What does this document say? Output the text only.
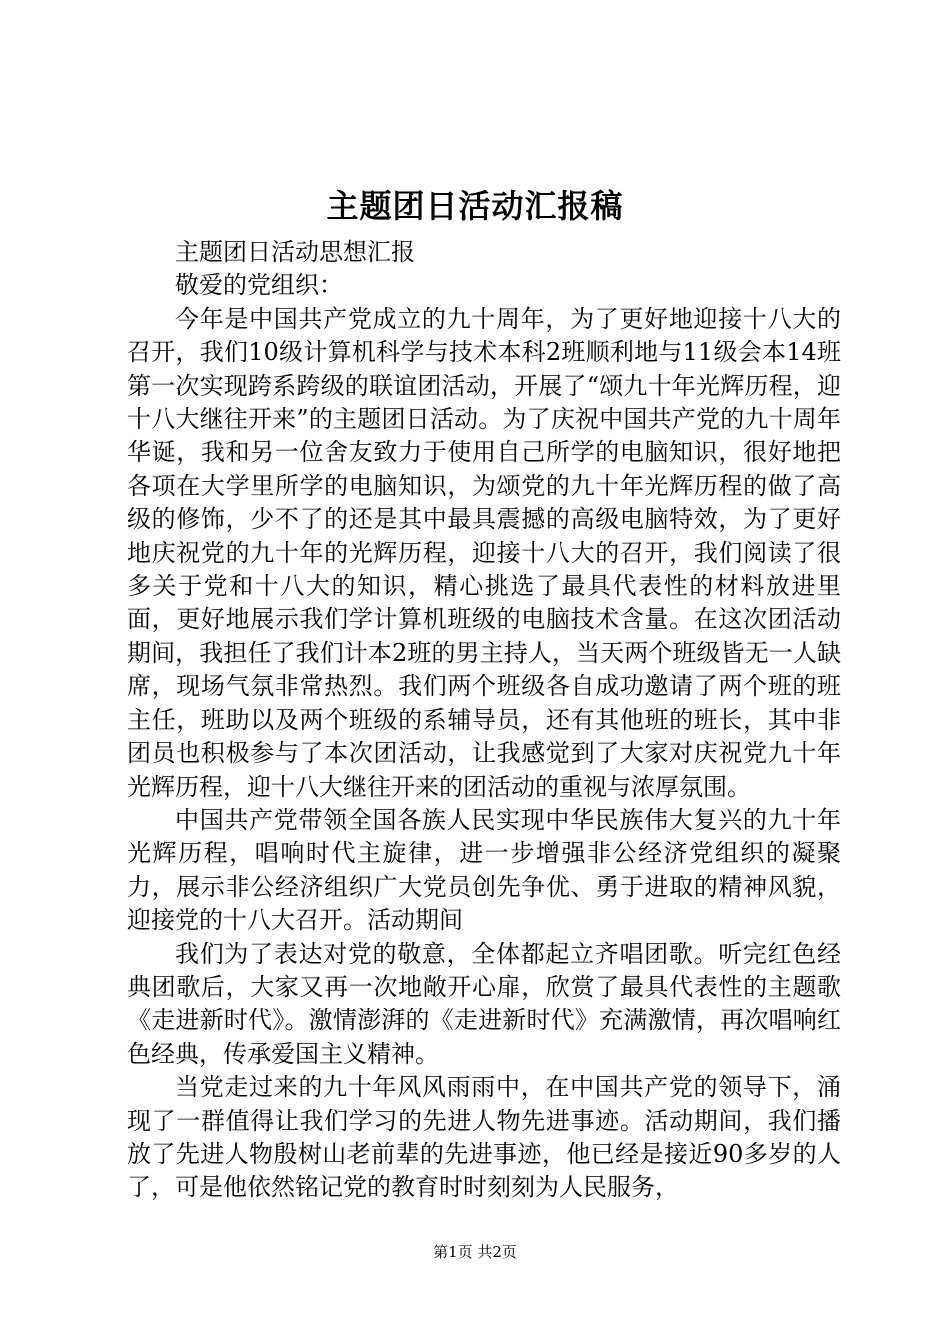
主题团日活动汇报稿

主题团日活动思想汇报

敬爱的党组织：

今年是中国共产党成立的九十周年，为了更好地迎接十八大的召开，我们10级计算机科学与技术本科2班顺利地与11级会本14班第一次实现跨系跨级的联谊团活动，开展了“颂九十年光辉历程，迎十八大继往开来”的主题团日活动。为了庆祝中国共产党的九十周年华诞，我和另一位舍友致力于使用自己所学的电脑知识，很好地把各项在大学里所学的电脑知识，为颂党的九十年光辉历程的做了高级的修饰，少不了的还是其中最具震撼的高级电脑特效，为了更好地庆祝党的九十年的光辉历程，迎接十八大的召开，我们阅读了很多关于党和十八大的知识，精心挑选了最具代表性的材料放进里面，更好地展示我们学计算机班级的电脑技术含量。在这次团活动期间，我担任了我们计本2班的男主持人，当天两个班级皆无一人缺席，现场气氛非常热烈。我们两个班级各自成功邀请了两个班的班主任，班助以及两个班级的系辅导员，还有其他班的班长，其中非团员也积极参与了本次团活动，让我感觉到了大家对庆祝党九十年光辉历程，迎十八大继往开来的团活动的重视与浓厚氛围。

中国共产党带领全国各族人民实现中华民族伟大复兴的九十年光辉历程，唱响时代主旋律，进一步增强非公经济党组织的凝聚力，展示非公经济组织广大党员创先争优、勇于进取的精神风貌，迎接党的十八大召开。活动期间

我们为了表达对党的敬意，全体都起立齐唱团歌。听完红色经典团歌后，大家又再一次地敞开心扉，欣赏了最具代表性的主题歌《走进新时代》。激情澎湃的《走进新时代》充满激情，再次唱响红色经典，传承爱国主义精神。

当党走过来的九十年风风雨雨中，在中国共产党的领导下，涌现了一群值得让我们学习的先进人物先进事迹。活动期间，我们播放了先进人物殷树山老前辈的先进事迹，他已经是接近90多岁的人了，可是他依然铭记党的教育时时刻刻为人民服务，

第1页 共2页
